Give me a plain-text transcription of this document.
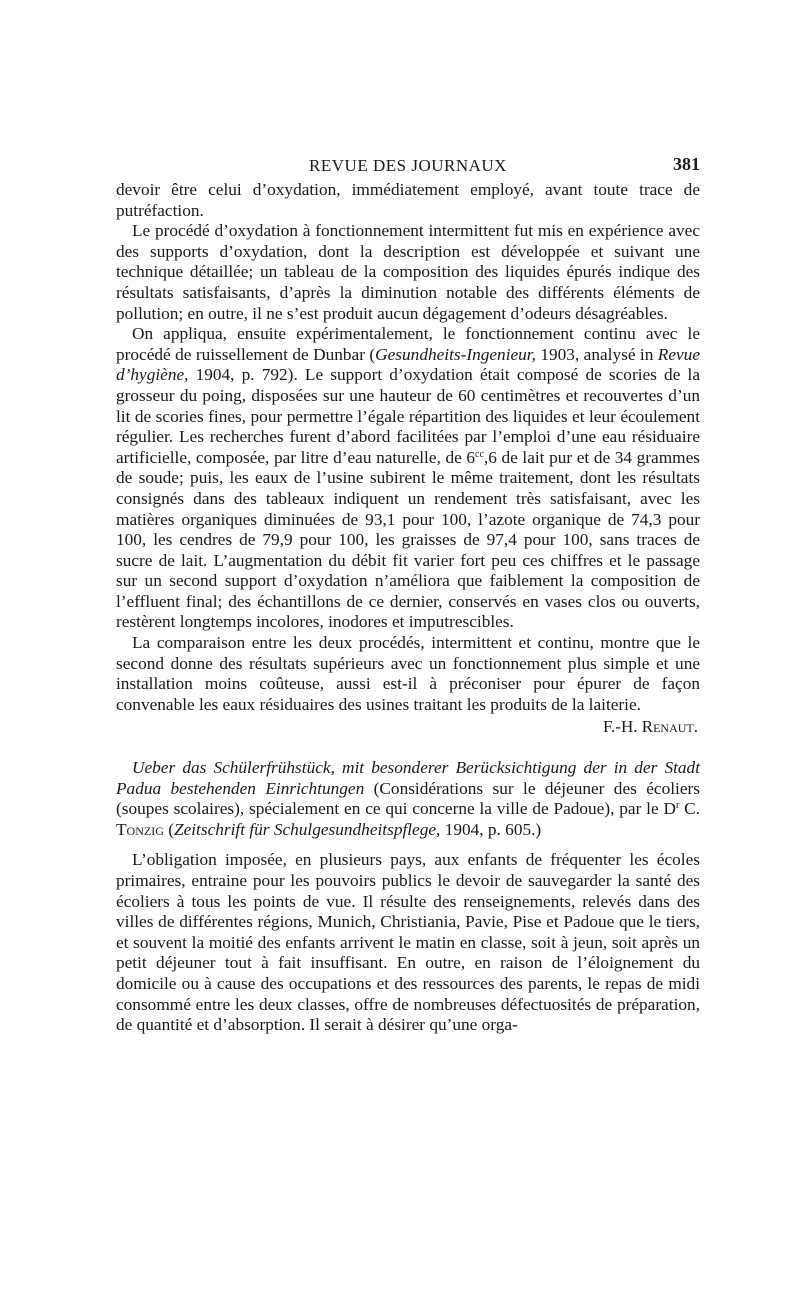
REVUE DES JOURNAUX	381

devoir être celui d’oxydation, immédiatement employé, avant toute trace de putréfaction.

Le procédé d’oxydation à fonctionnement intermittent fut mis en expérience avec des supports d’oxydation, dont la description est développée et suivant une technique détaillée; un tableau de la composition des liquides épurés indique des résultats satisfaisants, d’après la diminution notable des différents éléments de pollution; en outre, il ne s’est produit aucun dégagement d’odeurs désagréables.

On appliqua, ensuite expérimentalement, le fonctionnement continu avec le procédé de ruissellement de Dunbar (Gesundheits-Ingenieur, 1903, analysé in Revue d’hygiène, 1904, p. 792). Le support d’oxydation était composé de scories de la grosseur du poing, disposées sur une hauteur de 60 centimètres et recouvertes d’un lit de scories fines, pour permettre l’égale répartition des liquides et leur écoulement régulier. Les recherches furent d’abord facilitées par l’emploi d’une eau résiduaire artificielle, composée, par litre d’eau naturelle, de $6^{cc},6$ de lait pur et de 34 grammes de soude; puis, les eaux de l’usine subirent le même traitement, dont les résultats consignés dans des tableaux indiquent un rendement très satisfaisant, avec les matières organiques diminuées de 93,1 pour 100, l’azote organique de 74,3 pour 100, les cendres de 79,9 pour 100, les graisses de 97,4 pour 100, sans traces de sucre de lait. L’augmentation du débit fit varier fort peu ces chiffres et le passage sur un second support d’oxydation n’améliora que faiblement la composition de l’effluent final; des échantillons de ce dernier, conservés en vases clos ou ouverts, restèrent longtemps incolores, inodores et imputrescibles.

La comparaison entre les deux procédés, intermittent et continu, montre que le second donne des résultats supérieurs avec un fonctionnement plus simple et une installation moins coûteuse, aussi est-il à préconiser pour épurer de façon convenable les eaux résiduaires des usines traitant les produits de la laiterie.

F.-H. Renaut.

Ueber das Schülerfrühstück, mit besonderer Berücksichtigung der in der Stadt Padua bestehenden Einrichtungen (Considérations sur le déjeuner des écoliers (soupes scolaires), spécialement en ce qui concerne la ville de Padoue), par le $D^r$ C. Tonzig (Zeitschrift für Schulgesundheitspflege, 1904, p. 605.)

L’obligation imposée, en plusieurs pays, aux enfants de fréquenter les écoles primaires, entraine pour les pouvoirs publics le devoir de sauvegarder la santé des écoliers à tous les points de vue. Il résulte des renseignements, relevés dans des villes de différentes régions, Munich, Christiania, Pavie, Pise et Padoue que le tiers, et souvent la moitié des enfants arrivent le matin en classe, soit à jeun, soit après un petit déjeuner tout à fait insuffisant. En outre, en raison de l’éloignement du domicile ou à cause des occupations et des ressources des parents, le repas de midi consommé entre les deux classes, offre de nombreuses défectuosités de préparation, de quantité et d’absorption. Il serait à désirer qu’une orga-
